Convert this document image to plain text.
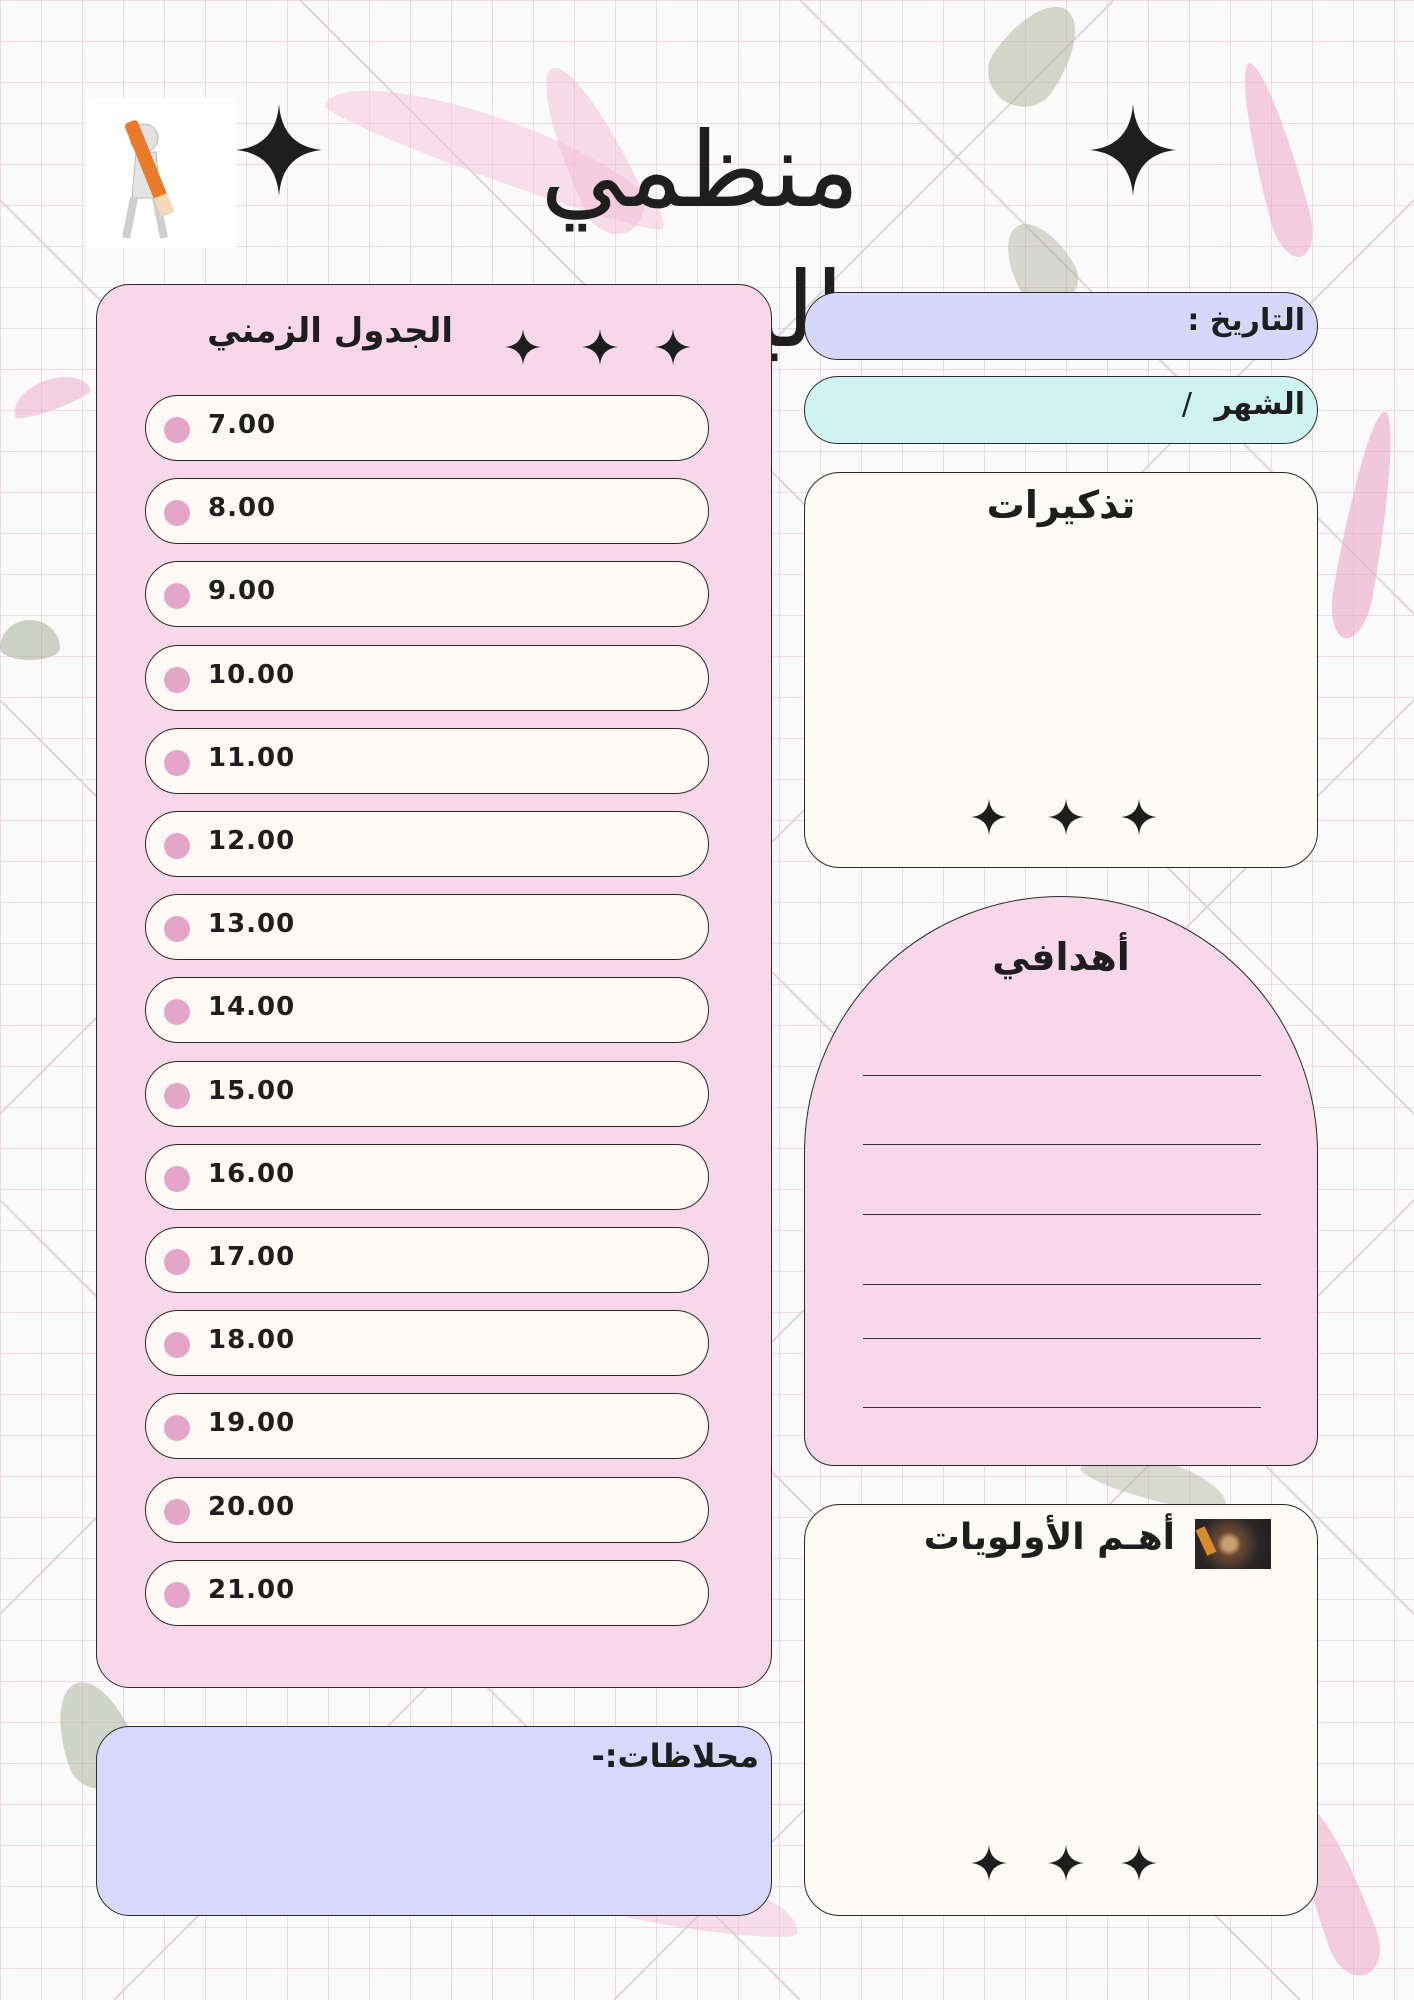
منظمي
الجدول الزمني
7.00
8.00
9.00
10.00
11.00
12.00
13.00
14.00
15.00
16.00
17.00
18.00
19.00
20.00
21.00
محلاظات:-
التاريخ :
الشهر /
تذكيرات
أهدافي
أهـم الأولويات
